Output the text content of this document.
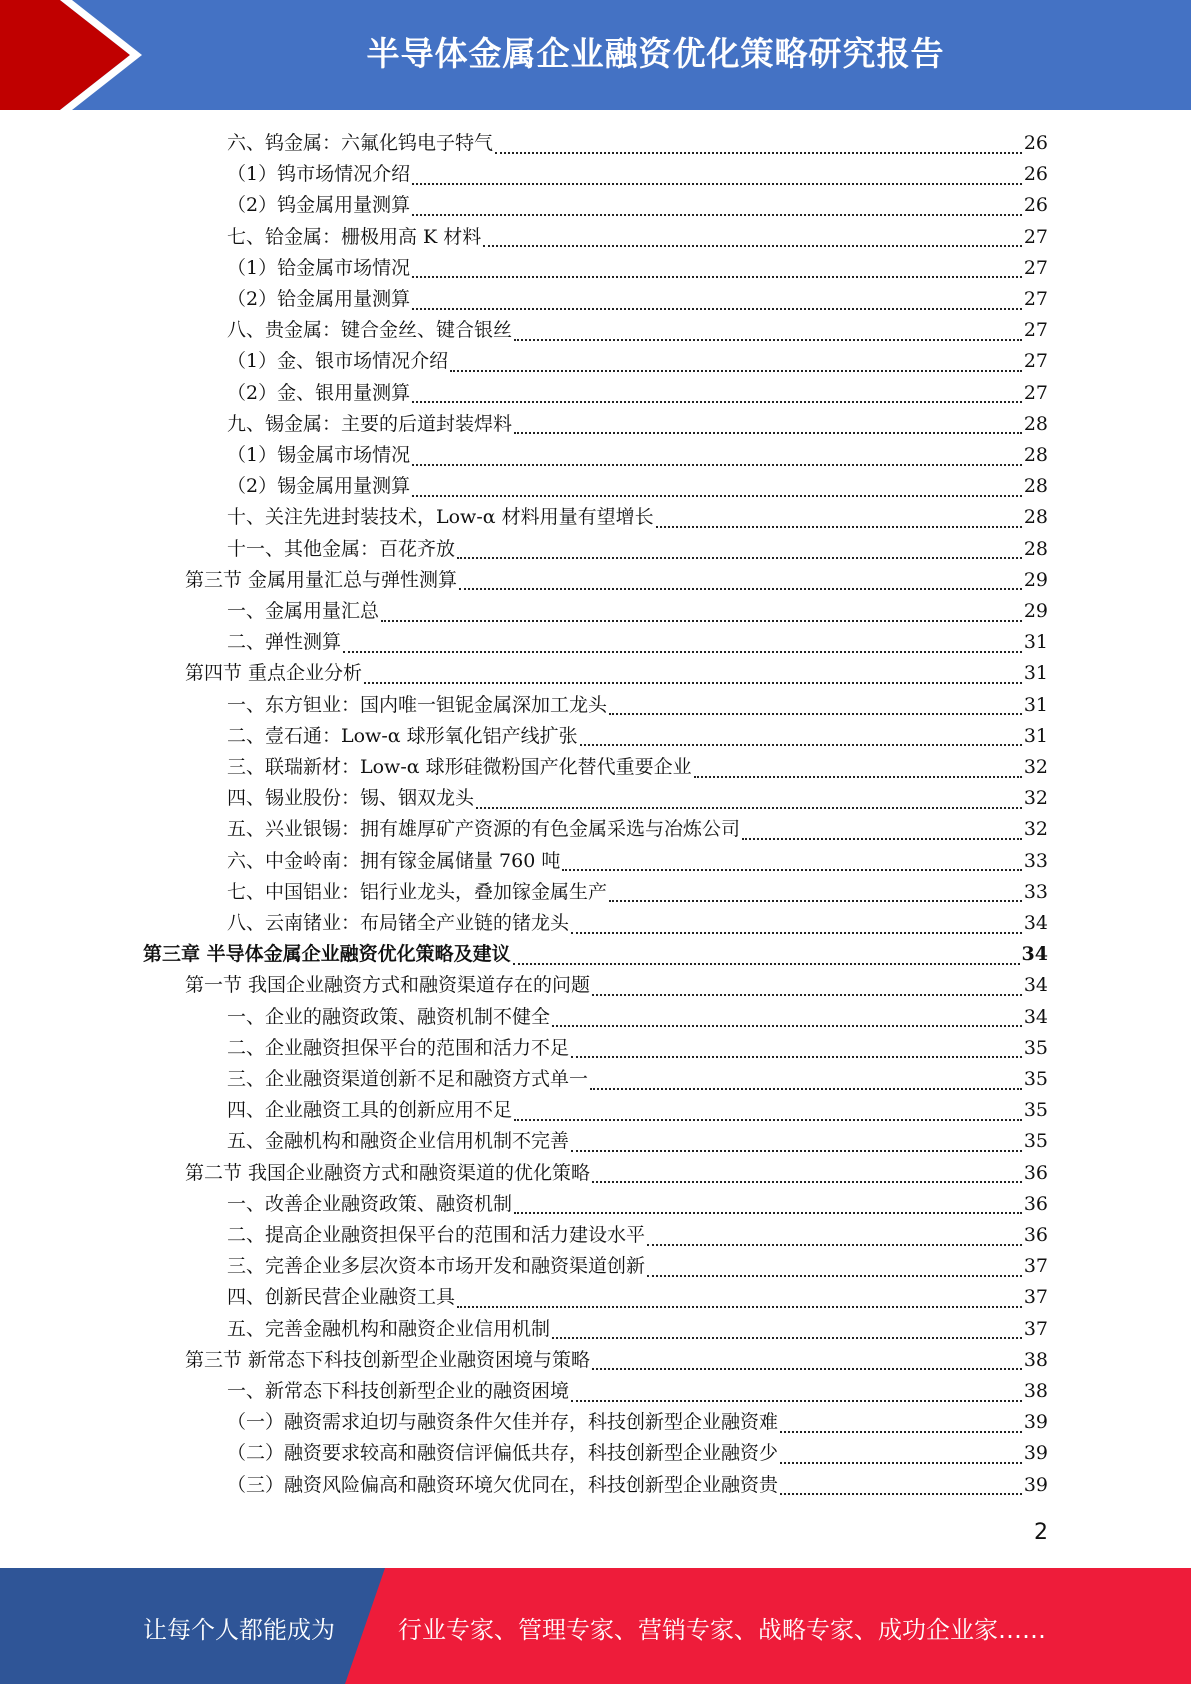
半导体金属企业融资优化策略研究报告
六、钨金属：六氟化钨电子特气	26
（1）钨市场情况介绍	26
（2）钨金属用量测算	26
七、铪金属：栅极用高 K 材料	27
（1）铪金属市场情况	27
（2）铪金属用量测算	27
八、贵金属：键合金丝、键合银丝	27
（1）金、银市场情况介绍	27
（2）金、银用量测算	27
九、锡金属：主要的后道封装焊料	28
（1）锡金属市场情况	28
（2）锡金属用量测算	28
十、关注先进封装技术，Low-α 材料用量有望增长	28
十一、其他金属：百花齐放	28
第三节 金属用量汇总与弹性测算	29
一、金属用量汇总	29
二、弹性测算	31
第四节 重点企业分析	31
一、东方钽业：国内唯一钽铌金属深加工龙头	31
二、壹石通：Low-α 球形氧化铝产线扩张	31
三、联瑞新材：Low-α 球形硅微粉国产化替代重要企业	32
四、锡业股份：锡、铟双龙头	32
五、兴业银锡：拥有雄厚矿产资源的有色金属采选与冶炼公司	32
六、中金岭南：拥有镓金属储量 760 吨	33
七、中国铝业：铝行业龙头，叠加镓金属生产	33
八、云南锗业：布局锗全产业链的锗龙头	34
第三章 半导体金属企业融资优化策略及建议	34
第一节 我国企业融资方式和融资渠道存在的问题	34
一、企业的融资政策、融资机制不健全	34
二、企业融资担保平台的范围和活力不足	35
三、企业融资渠道创新不足和融资方式单一	35
四、企业融资工具的创新应用不足	35
五、金融机构和融资企业信用机制不完善	35
第二节 我国企业融资方式和融资渠道的优化策略	36
一、改善企业融资政策、融资机制	36
二、提高企业融资担保平台的范围和活力建设水平	36
三、完善企业多层次资本市场开发和融资渠道创新	37
四、创新民营企业融资工具	37
五、完善金融机构和融资企业信用机制	37
第三节 新常态下科技创新型企业融资困境与策略	38
一、新常态下科技创新型企业的融资困境	38
（一）融资需求迫切与融资条件欠佳并存，科技创新型企业融资难	39
（二）融资要求较高和融资信评偏低共存，科技创新型企业融资少	39
（三）融资风险偏高和融资环境欠优同在，科技创新型企业融资贵	39
2
让每个人都能成为	行业专家、管理专家、营销专家、战略专家、成功企业家……
